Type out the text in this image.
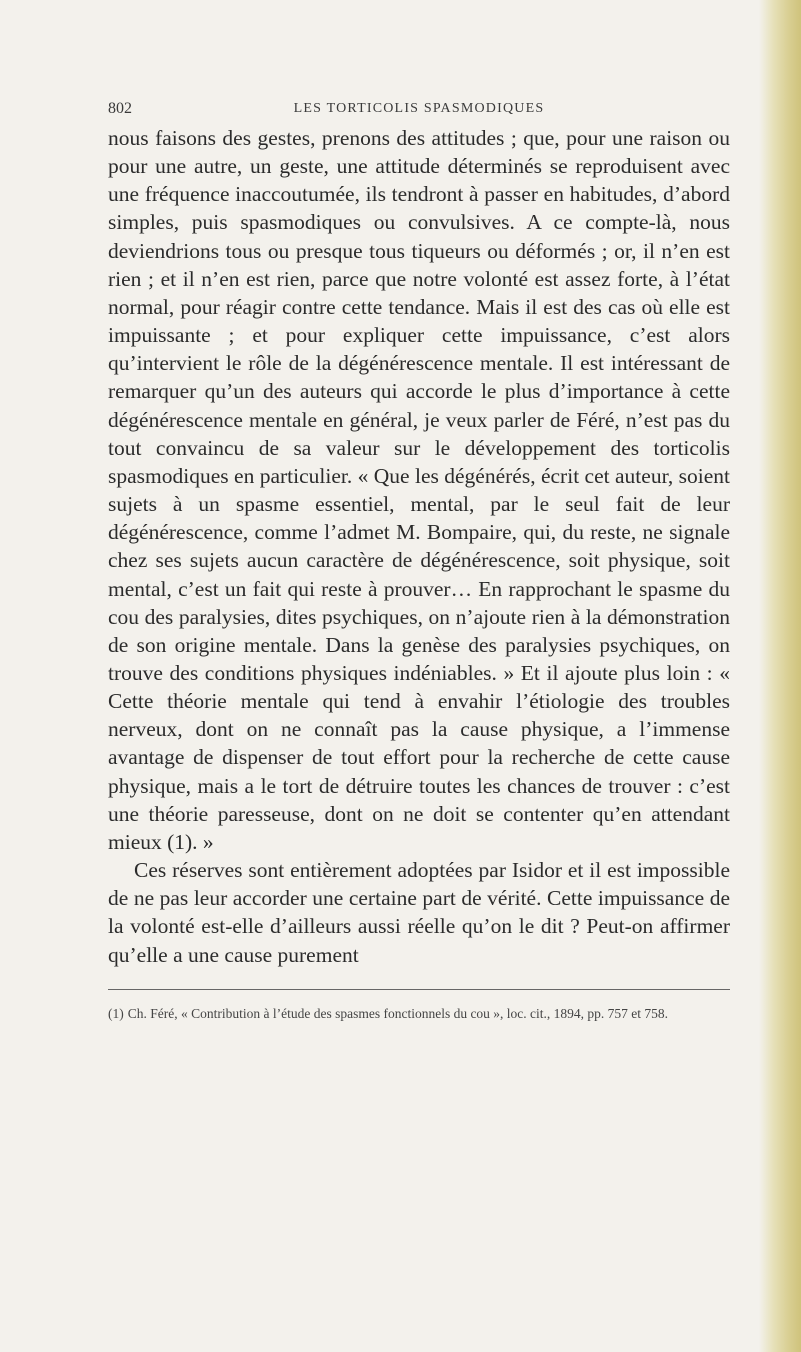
802	LES TORTICOLIS SPASMODIQUES

nous faisons des gestes, prenons des attitudes ; que, pour une raison ou pour une autre, un geste, une attitude déterminés se reproduisent avec une fréquence inaccoutumée, ils tendront à passer en habitudes, d’abord simples, puis spasmodiques ou convulsives. A ce compte-là, nous deviendrions tous ou presque tous tiqueurs ou déformés ; or, il n’en est rien ; et il n’en est rien, parce que notre volonté est assez forte, à l’état normal, pour réagir contre cette tendance. Mais il est des cas où elle est impuissante ; et pour expliquer cette impuissance, c’est alors qu’intervient le rôle de la dégénérescence mentale. Il est intéressant de remarquer qu’un des auteurs qui accorde le plus d’importance à cette dégénérescence mentale en général, je veux parler de Féré, n’est pas du tout convaincu de sa valeur sur le développement des torticolis spasmodiques en particulier. « Que les dégénérés, écrit cet auteur, soient sujets à un spasme essentiel, mental, par le seul fait de leur dégénérescence, comme l’admet M. Bompaire, qui, du reste, ne signale chez ses sujets aucun caractère de dégénérescence, soit physique, soit mental, c’est un fait qui reste à prouver… En rapprochant le spasme du cou des paralysies, dites psychiques, on n’ajoute rien à la démonstration de son origine mentale. Dans la genèse des paralysies psychiques, on trouve des conditions physiques indéniables. » Et il ajoute plus loin : « Cette théorie mentale qui tend à envahir l’étiologie des troubles nerveux, dont on ne connaît pas la cause physique, a l’immense avantage de dispenser de tout effort pour la recherche de cette cause physique, mais a le tort de détruire toutes les chances de trouver : c’est une théorie paresseuse, dont on ne doit se contenter qu’en attendant mieux (1). »

Ces réserves sont entièrement adoptées par Isidor et il est impossible de ne pas leur accorder une certaine part de vérité. Cette impuissance de la volonté est-elle d’ailleurs aussi réelle qu’on le dit ? Peut-on affirmer qu’elle a une cause purement

(1) Ch. Féré, « Contribution à l’étude des spasmes fonctionnels du cou », loc. cit., 1894, pp. 757 et 758.
